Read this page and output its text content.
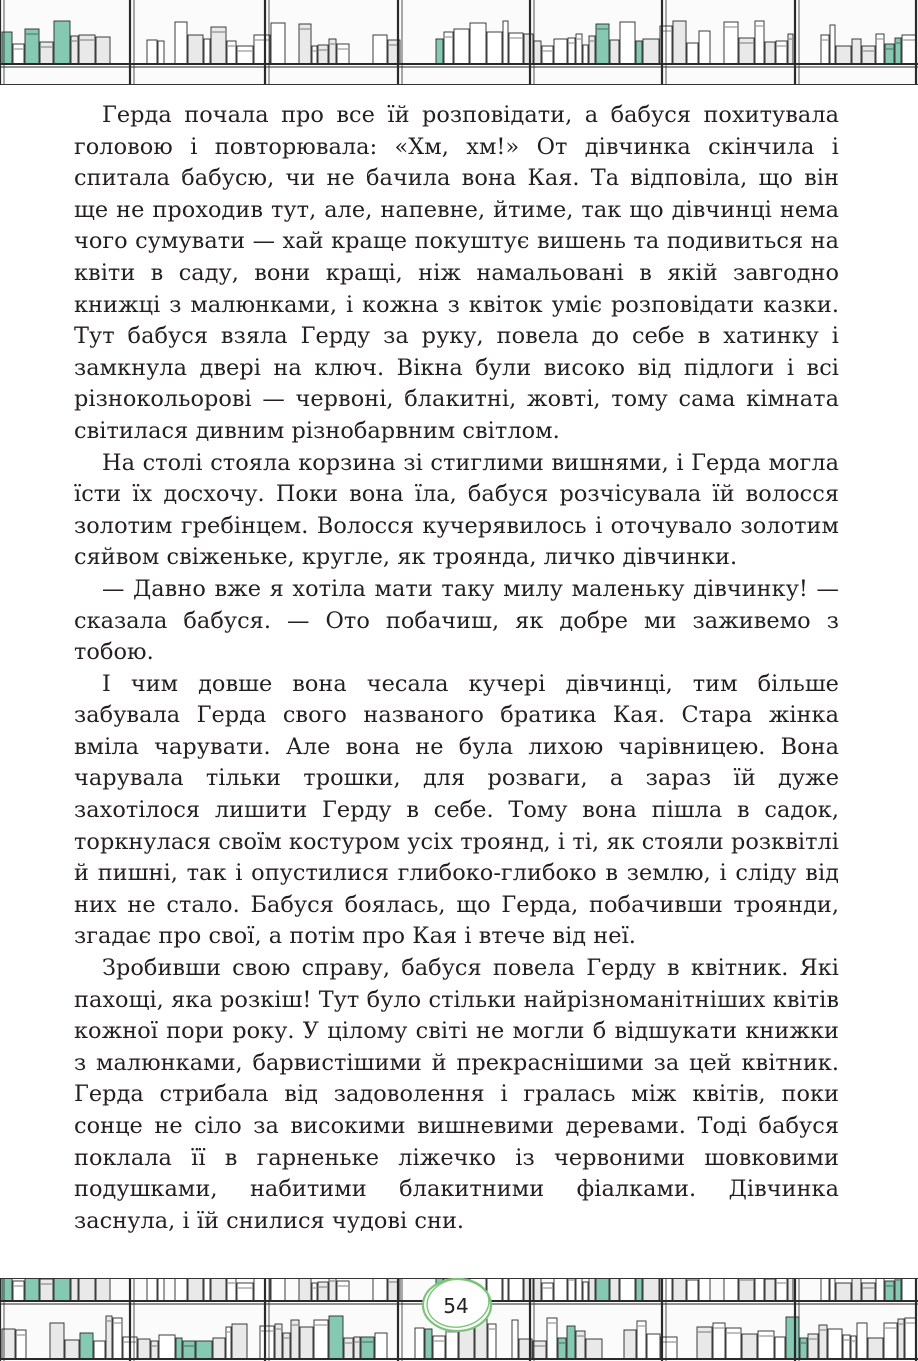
Герда почала про все їй розповідати, а бабуся похитувала головою і повторювала: «Хм, хм!» От дівчинка скінчила і спитала бабусю, чи не бачила вона Кая. Та відповіла, що він ще не проходив тут, але, напевне, йтиме, так що дівчинці нема чого сумувати — хай краще покуштує вишень та подивиться на квіти в саду, вони кращі, ніж намальовані в якій завгодно книжці з малюнками, і кожна з квіток уміє розповідати казки. Тут бабуся взяла Герду за руку, повела до себе в хатинку і замкнула двері на ключ. Вікна були високо від підлоги і всі різнокольорові — червоні, блакитні, жовті, тому сама кімната світилася дивним різнобарвним світлом.

На столі стояла корзина зі стиглими вишнями, і Герда могла їсти їх досхочу. Поки вона їла, бабуся розчісувала їй волосся золотим гребінцем. Волосся кучерявилось і оточувало золотим сяйвом свіженьке, кругле, як троянда, личко дівчинки.

— Давно вже я хотіла мати таку милу маленьку дівчинку! — сказала бабуся. — Ото побачиш, як добре ми заживемо з тобою.

І чим довше вона чесала кучері дівчинці, тим більше забувала Герда свого названого братика Кая. Стара жінка вміла чарувати. Але вона не була лихою чарівницею. Вона чарувала тільки трошки, для розваги, а зараз їй дуже захотілося лишити Герду в себе. Тому вона пішла в садок, торкнулася своїм костуром усіх троянд, і ті, як стояли розквітлі й пишні, так і опустилися глибоко-глибоко в землю, і сліду від них не стало. Бабуся боялась, що Герда, побачивши троянди, згадає про свої, а потім про Кая і втече від неї.

Зробивши свою справу, бабуся повела Герду в квітник. Які пахощі, яка розкіш! Тут було стільки найрізноманітніших квітів кожної пори року. У цілому світі не могли б відшукати книжки з малюнками, барвистішими й прекраснішими за цей квітник. Герда стрибала від задоволення і гралась між квітів, поки сонце не сіло за високими вишневими деревами. Тоді бабуся поклала її в гарненьке ліжечко із червоними шовковими подушками, набитими блакитними фіалками. Дівчинка заснула, і їй снилися чудові сни.

54
